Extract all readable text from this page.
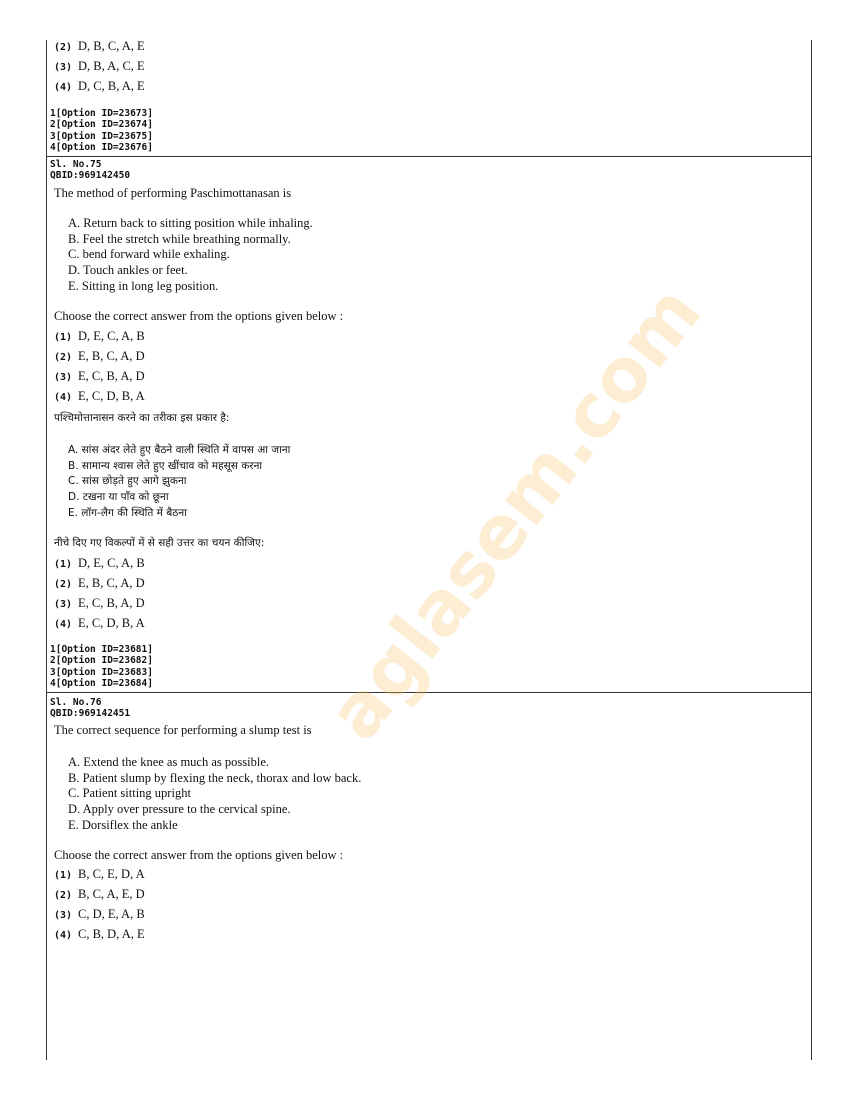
aglasem.com
(2) D, B, C, A, E
(3) D, B, A, C, E
(4) D, C, B, A, E
1[Option ID=23673]
2[Option ID=23674]
3[Option ID=23675]
4[Option ID=23676]
Sl. No.75
QBID:969142450
The method of performing Paschimottanasan is
A. Return back to sitting position while inhaling.
B. Feel the stretch while breathing normally.
C. bend forward while exhaling.
D. Touch ankles or feet.
E. Sitting in long leg position.
Choose the correct answer from the options given below :
(1) D, E, C, A, B
(2) E, B, C, A, D
(3) E, C, B, A, D
(4) E, C, D, B, A
पश्चिमोत्तानासन करने का तरीका इस प्रकार है:
A. सांस अंदर लेते हुए बैठने वाली स्थिति में वापस आ जाना
B. सामान्य श्वास लेते हुए खींचाव को महसूस करना
C. सांस छोड़ते हुए आगे झुकना
D. टखना या पाँव को छूना
E. लॉग-लैग की स्थिति में बैठना
नीचे दिए गए विकल्पों में से सही उत्तर का चयन कीजिए:
(1) D, E, C, A, B
(2) E, B, C, A, D
(3) E, C, B, A, D
(4) E, C, D, B, A
1[Option ID=23681]
2[Option ID=23682]
3[Option ID=23683]
4[Option ID=23684]
Sl. No.76
QBID:969142451
The correct sequence for performing a slump test is
A. Extend the knee as much as possible.
B. Patient slump by flexing the neck, thorax and low back.
C. Patient sitting upright
D. Apply over pressure to the cervical spine.
E. Dorsiflex the ankle
Choose the correct answer from the options given below :
(1) B, C, E, D, A
(2) B, C, A, E, D
(3) C, D, E, A, B
(4) C, B, D, A, E
